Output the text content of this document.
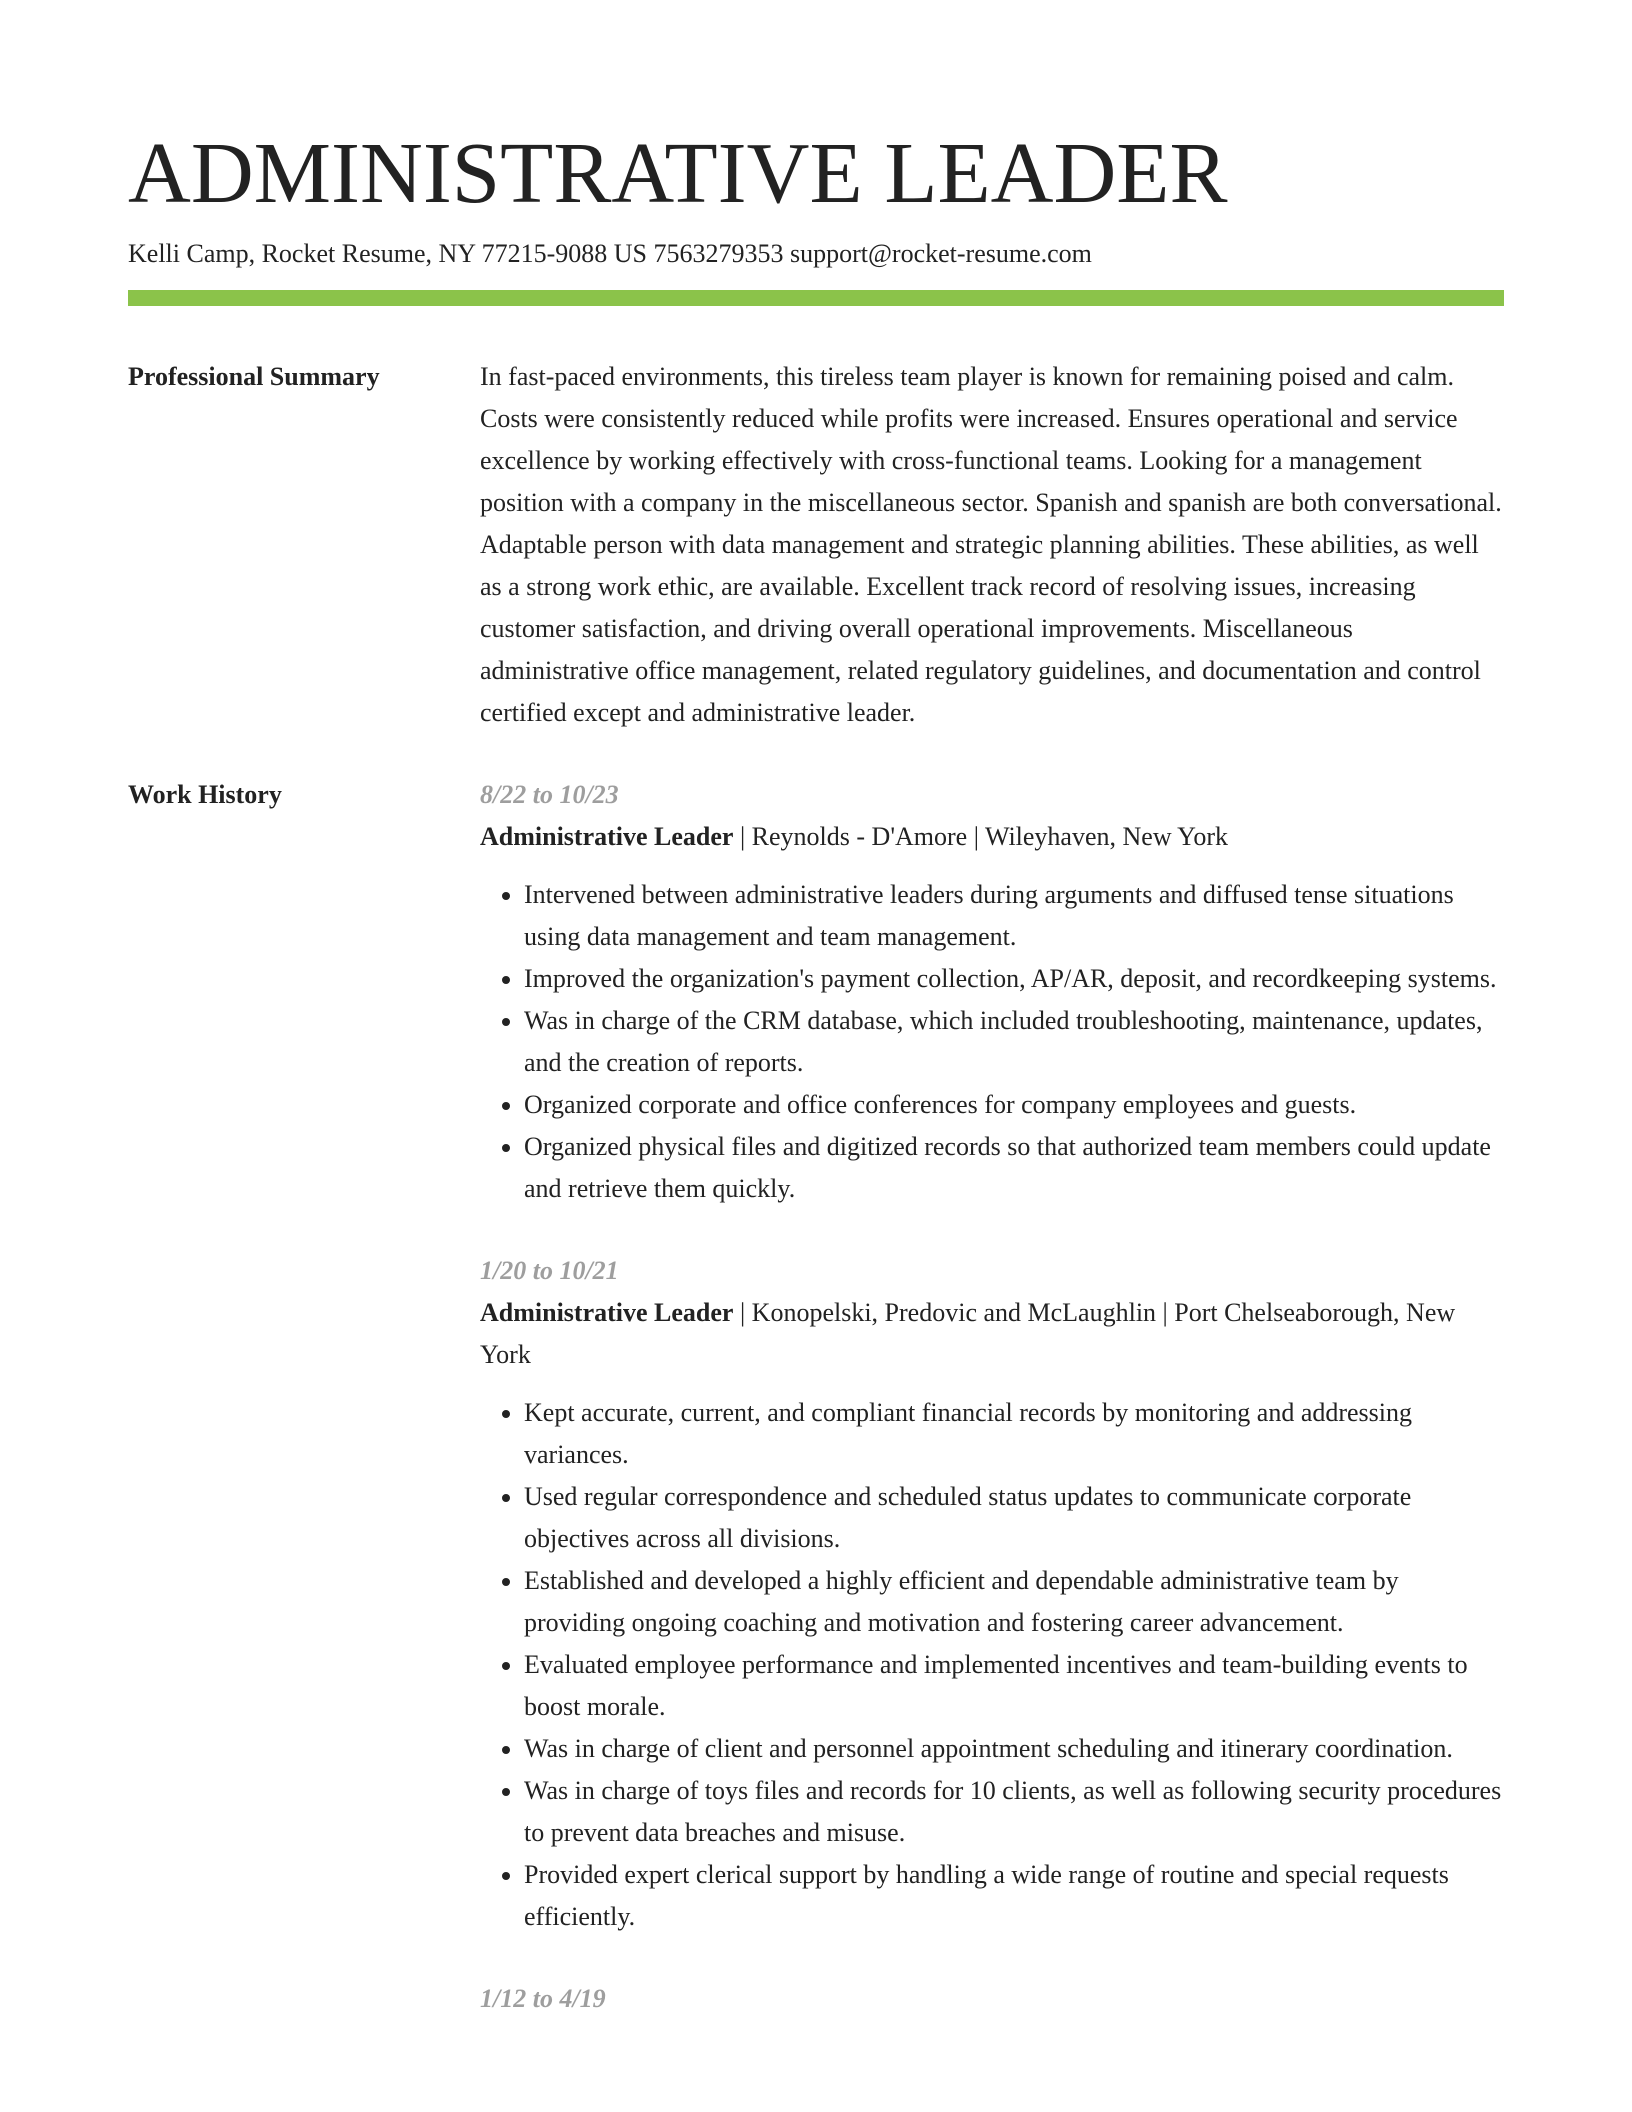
ADMINISTRATIVE LEADER
Kelli Camp, Rocket Resume, NY 77215-9088 US 7563279353 support@rocket-resume.com
Professional Summary	In fast-paced environments, this tireless team player is known for remaining poised and calm. Costs were consistently reduced while profits were increased. Ensures operational and service excellence by working effectively with cross-functional teams. Looking for a management position with a company in the miscellaneous sector. Spanish and spanish are both conversational. Adaptable person with data management and strategic planning abilities. These abilities, as well as a strong work ethic, are available. Excellent track record of resolving issues, increasing customer satisfaction, and driving overall operational improvements. Miscellaneous administrative office management, related regulatory guidelines, and documentation and control certified except and administrative leader.

Work History	8/22 to 10/23
Administrative Leader | Reynolds - D'Amore | Wileyhaven, New York
• Intervened between administrative leaders during arguments and diffused tense situations using data management and team management.
• Improved the organization's payment collection, AP/AR, deposit, and recordkeeping systems.
• Was in charge of the CRM database, which included troubleshooting, maintenance, updates, and the creation of reports.
• Organized corporate and office conferences for company employees and guests.
• Organized physical files and digitized records so that authorized team members could update and retrieve them quickly.
1/20 to 10/21
Administrative Leader | Konopelski, Predovic and McLaughlin | Port Chelseaborough, New York
• Kept accurate, current, and compliant financial records by monitoring and addressing variances.
• Used regular correspondence and scheduled status updates to communicate corporate objectives across all divisions.
• Established and developed a highly efficient and dependable administrative team by providing ongoing coaching and motivation and fostering career advancement.
• Evaluated employee performance and implemented incentives and team-building events to boost morale.
• Was in charge of client and personnel appointment scheduling and itinerary coordination.
• Was in charge of toys files and records for 10 clients, as well as following security procedures to prevent data breaches and misuse.
• Provided expert clerical support by handling a wide range of routine and special requests efficiently.
1/12 to 4/19
